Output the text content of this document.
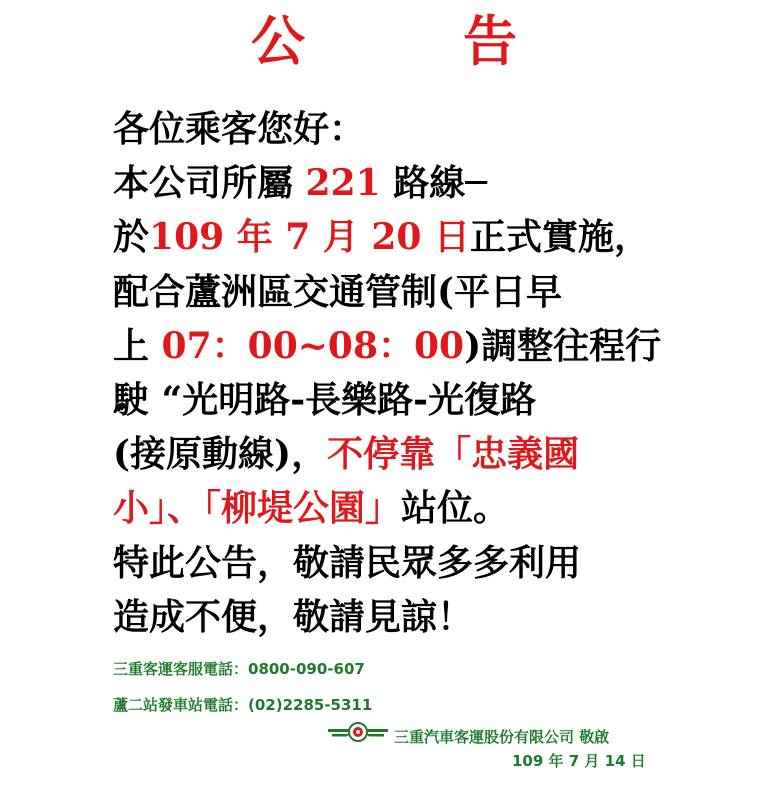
公　告
各位乘客您好：
本公司所屬 221 路線─
於109 年 7 月 20 日正式實施，
配合蘆洲區交通管制(平日早
上 07：00~08：00)調整往程行
駛 “光明路-長樂路-光復路
(接原動線)，不停靠「忠義國
小」、「柳堤公園」站位。
特此公告，敬請民眾多多利用
造成不便，敬請見諒！
三重客運客服電話：0800-090-607
蘆二站發車站電話：(02)2285-5311
三重汽車客運股份有限公司 敬啟
109 年 7 月 14 日
